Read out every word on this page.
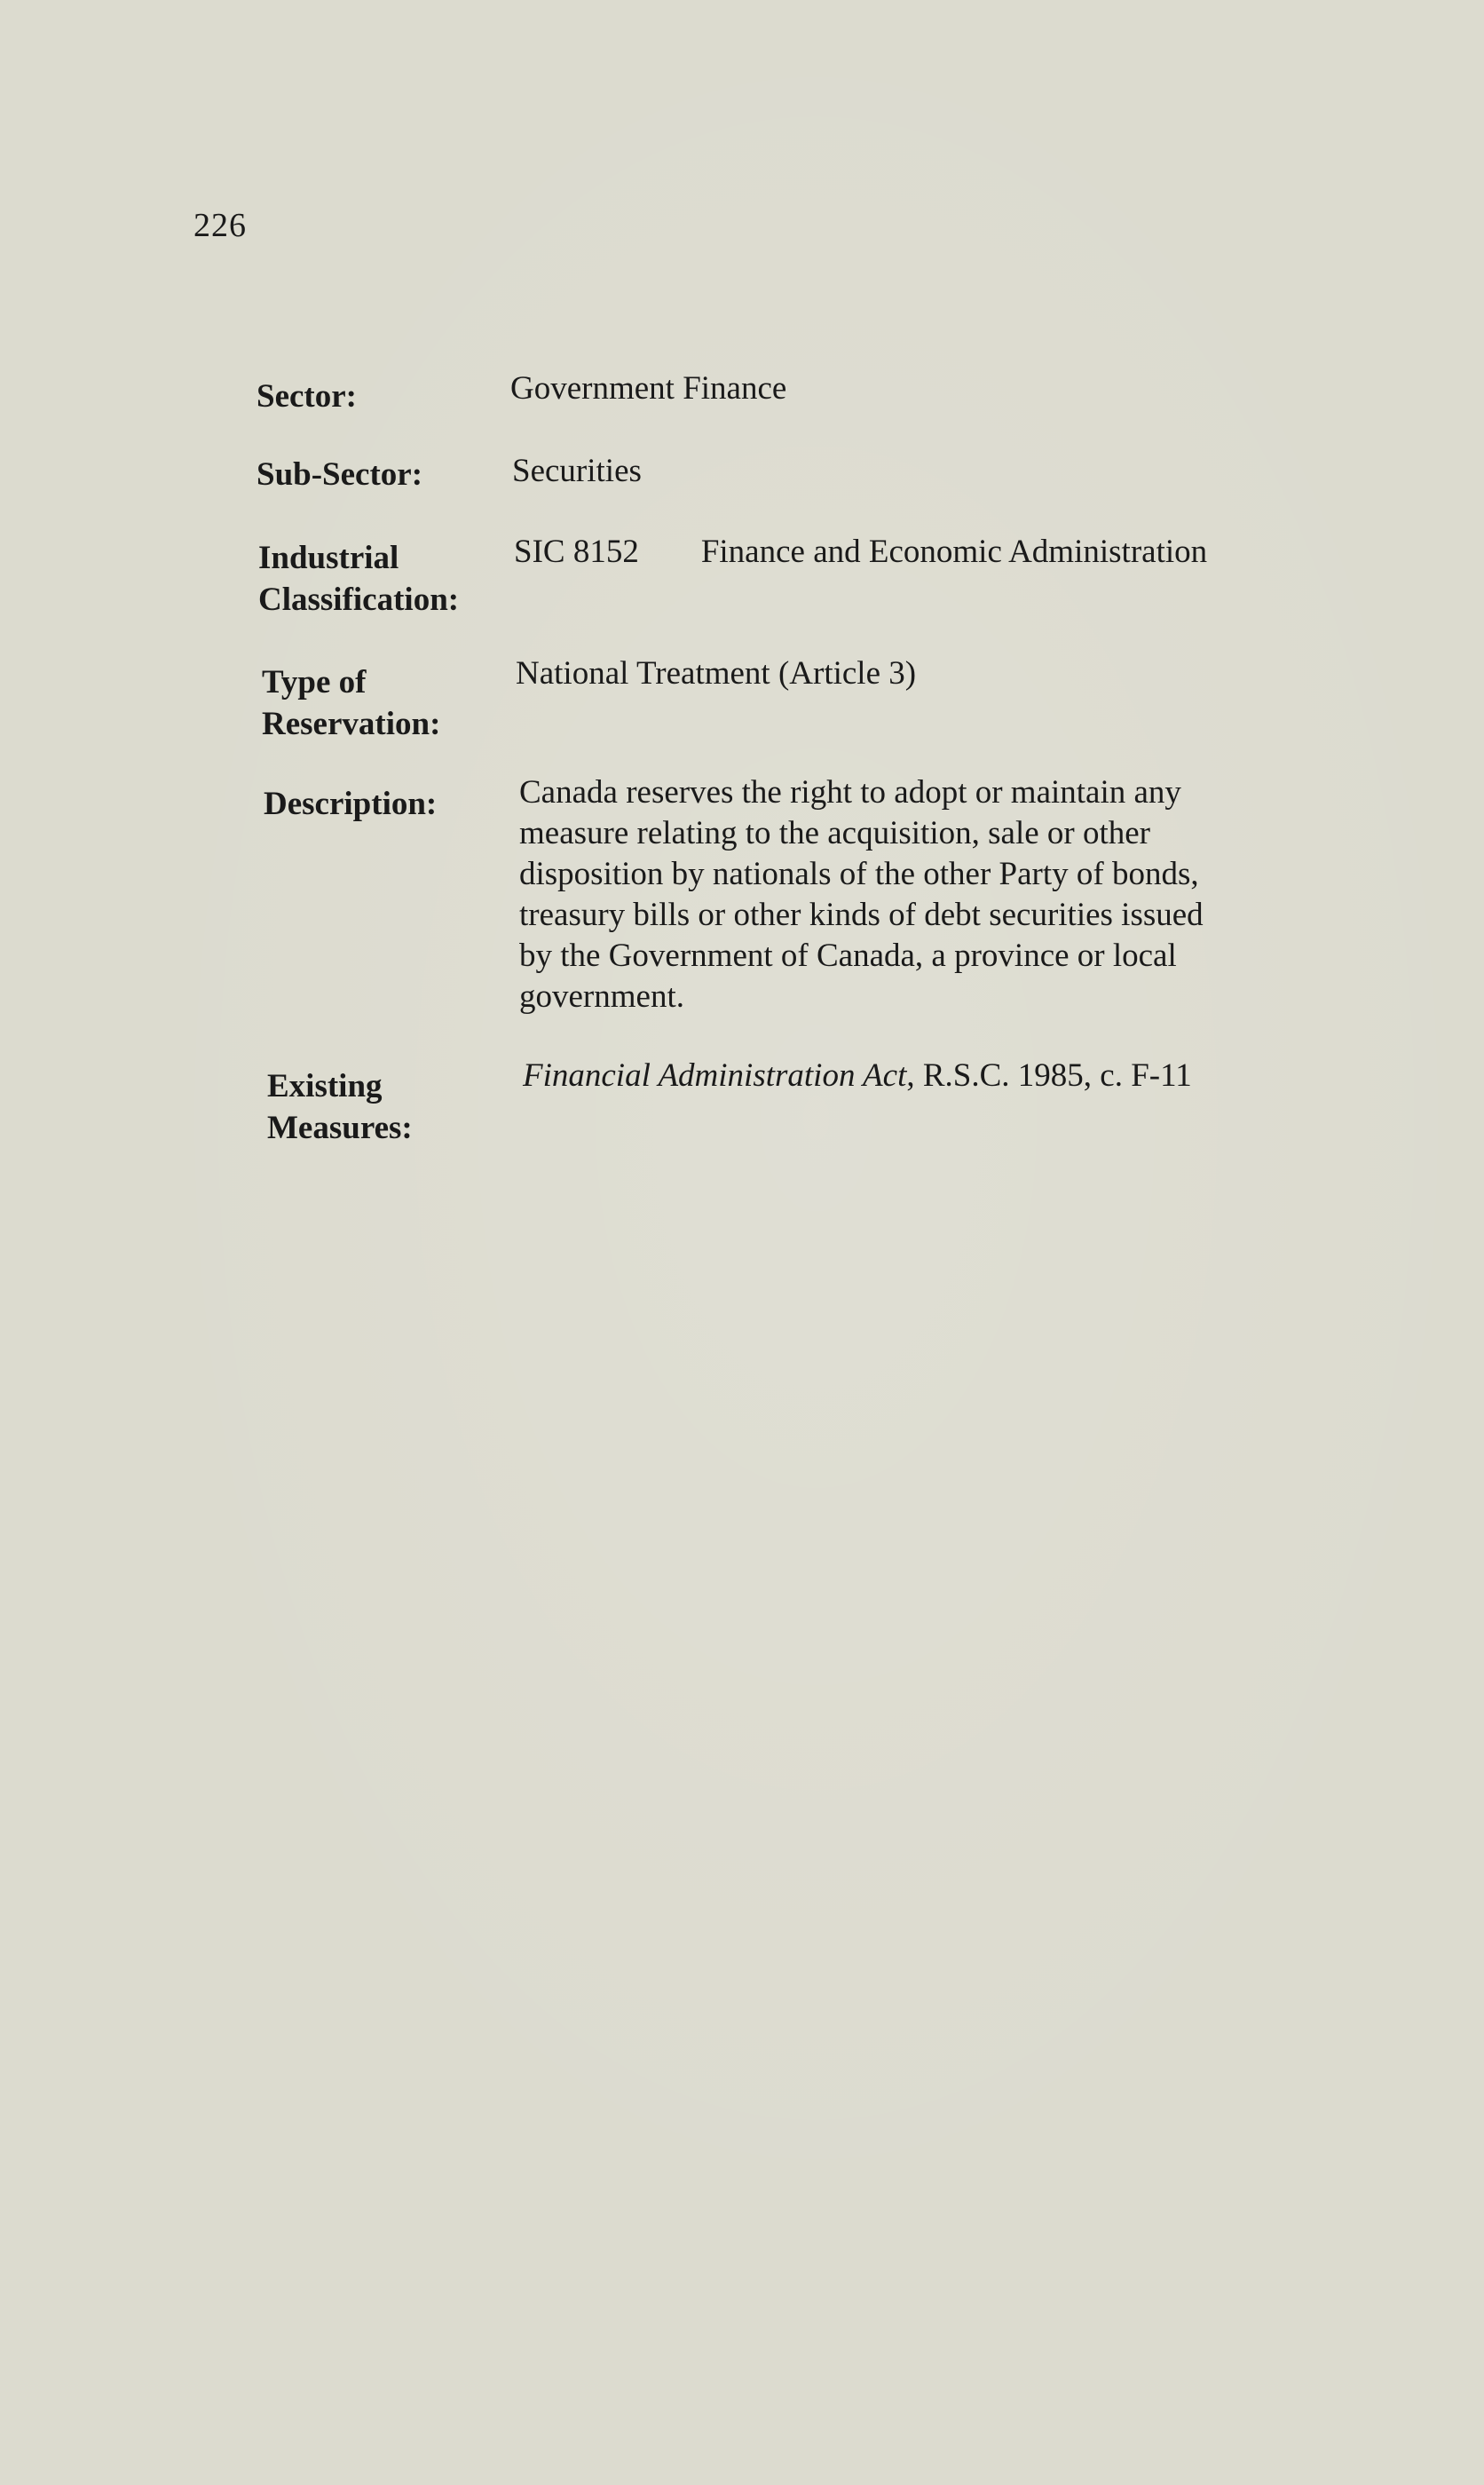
226
Sector:	Government Finance
Sub-Sector:	Securities
Industrial
Classification:
SIC 8152 Finance and Economic Administration
Type of
Reservation:
National Treatment (Article 3)
Description:	Canada reserves the right to adopt or maintain any
measure relating to the acquisition, sale or other
disposition by nationals of the other Party of bonds,
treasury bills or other kinds of debt securities issued
by the Government of Canada, a province or local
government.
Existing
Measures:
Financial Administration Act, R.S.C. 1985, c. F-11
